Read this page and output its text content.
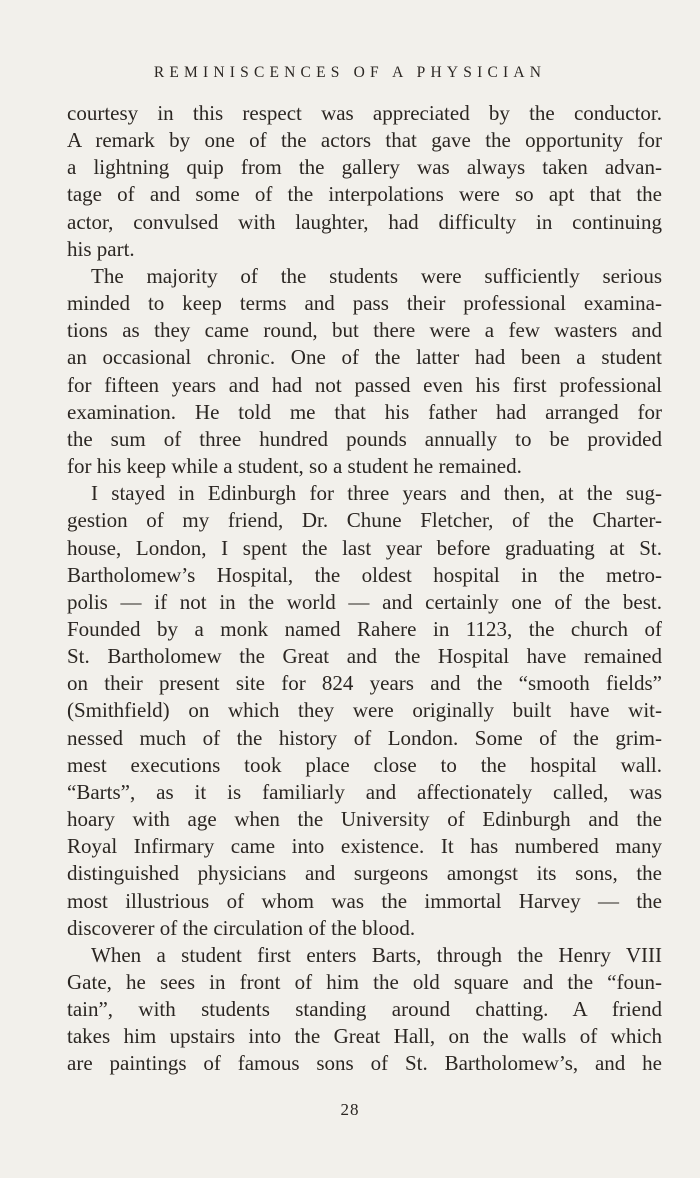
REMINISCENCES OF A PHYSICIAN
courtesy in this respect was appreciated by the conductor.
A remark by one of the actors that gave the opportunity for
a lightning quip from the gallery was always taken advan-
tage of and some of the interpolations were so apt that the
actor, convulsed with laughter, had difficulty in continuing
his part.
The majority of the students were sufficiently serious
minded to keep terms and pass their professional examina-
tions as they came round, but there were a few wasters and
an occasional chronic. One of the latter had been a student
for fifteen years and had not passed even his first professional
examination. He told me that his father had arranged for
the sum of three hundred pounds annually to be provided
for his keep while a student, so a student he remained.
I stayed in Edinburgh for three years and then, at the sug-
gestion of my friend, Dr. Chune Fletcher, of the Charter-
house, London, I spent the last year before graduating at St.
Bartholomew’s Hospital, the oldest hospital in the metro-
polis — if not in the world — and certainly one of the best.
Founded by a monk named Rahere in 1123, the church of
St. Bartholomew the Great and the Hospital have remained
on their present site for 824 years and the “smooth fields”
(Smithfield) on which they were originally built have wit-
nessed much of the history of London. Some of the grim-
mest executions took place close to the hospital wall.
“Barts”, as it is familiarly and affectionately called, was
hoary with age when the University of Edinburgh and the
Royal Infirmary came into existence. It has numbered many
distinguished physicians and surgeons amongst its sons, the
most illustrious of whom was the immortal Harvey — the
discoverer of the circulation of the blood.
When a student first enters Barts, through the Henry VIII
Gate, he sees in front of him the old square and the “foun-
tain”, with students standing around chatting. A friend
takes him upstairs into the Great Hall, on the walls of which
are paintings of famous sons of St. Bartholomew’s, and he
28
